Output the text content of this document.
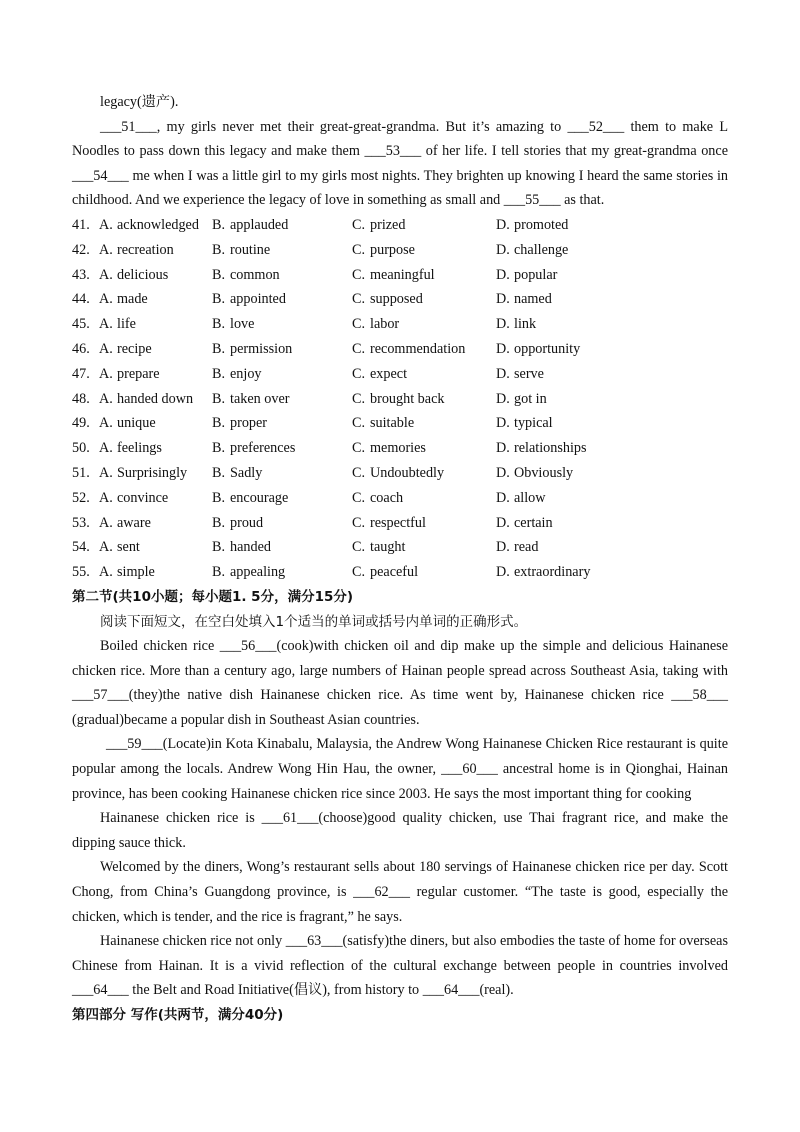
legacy(遗产).

___51___, my girls never met their great-great-grandma. But it’s amazing to ___52___ them to make L Noodles to pass down this legacy and make them ___53___ of her life. I tell stories that my great-grandma once ___54___ me when I was a little girl to my girls most nights. They brighten up knowing I heard the same stories in childhood. And we experience the legacy of love in something as small and ___55___ as that.

41. A. acknowledged	B. applauded	C. prized	D. promoted
42. A. recreation	B. routine	C. purpose	D. challenge
43. A. delicious	B. common	C. meaningful	D. popular
44. A. made	B. appointed	C. supposed	D. named
45. A. life	B. love	C. labor	D. link
46. A. recipe	B. permission	C. recommendation	D. opportunity
47. A. prepare	B. enjoy	C. expect	D. serve
48. A. handed down	B. taken over	C. brought back	D. got in
49. A. unique	B. proper	C. suitable	D. typical
50. A. feelings	B. preferences	C. memories	D. relationships
51. A. Surprisingly	B. Sadly	C. Undoubtedly	D. Obviously
52. A. convince	B. encourage	C. coach	D. allow
53. A. aware	B. proud	C. respectful	D. certain
54. A. sent	B. handed	C. taught	D. read
55. A. simple	B. appealing	C. peaceful	D. extraordinary

第二节(共10小题；每小题1. 5分，满分15分)

阅读下面短文，在空白处填入1个适当的单词或括号内单词的正确形式。

Boiled chicken rice ___56___(cook)with chicken oil and dip make up the simple and delicious Hainanese chicken rice. More than a century ago, large numbers of Hainan people spread across Southeast Asia, taking with ___57___(they)the native dish Hainanese chicken rice. As time went by, Hainanese chicken rice ___58___ (gradual)became a popular dish in Southeast Asian countries.

___59___(Locate)in Kota Kinabalu, Malaysia, the Andrew Wong Hainanese Chicken Rice restaurant is quite popular among the locals. Andrew Wong Hin Hau, the owner, ___60___ ancestral home is in Qionghai, Hainan province, has been cooking Hainanese chicken rice since 2003. He says the most important thing for cooking

Hainanese chicken rice is ___61___(choose)good quality chicken, use Thai fragrant rice, and make the dipping sauce thick.

Welcomed by the diners, Wong’s restaurant sells about 180 servings of Hainanese chicken rice per day. Scott Chong, from China’s Guangdong province, is ___62___ regular customer. “The taste is good, especially the chicken, which is tender, and the rice is fragrant,” he says.

Hainanese chicken rice not only ___63___(satisfy)the diners, but also embodies the taste of home for overseas Chinese from Hainan. It is a vivid reflection of the cultural exchange between people in countries involved ___64___ the Belt and Road Initiative(倡议), from history to ___64___(real).

第四部分 写作(共两节，满分40分)
